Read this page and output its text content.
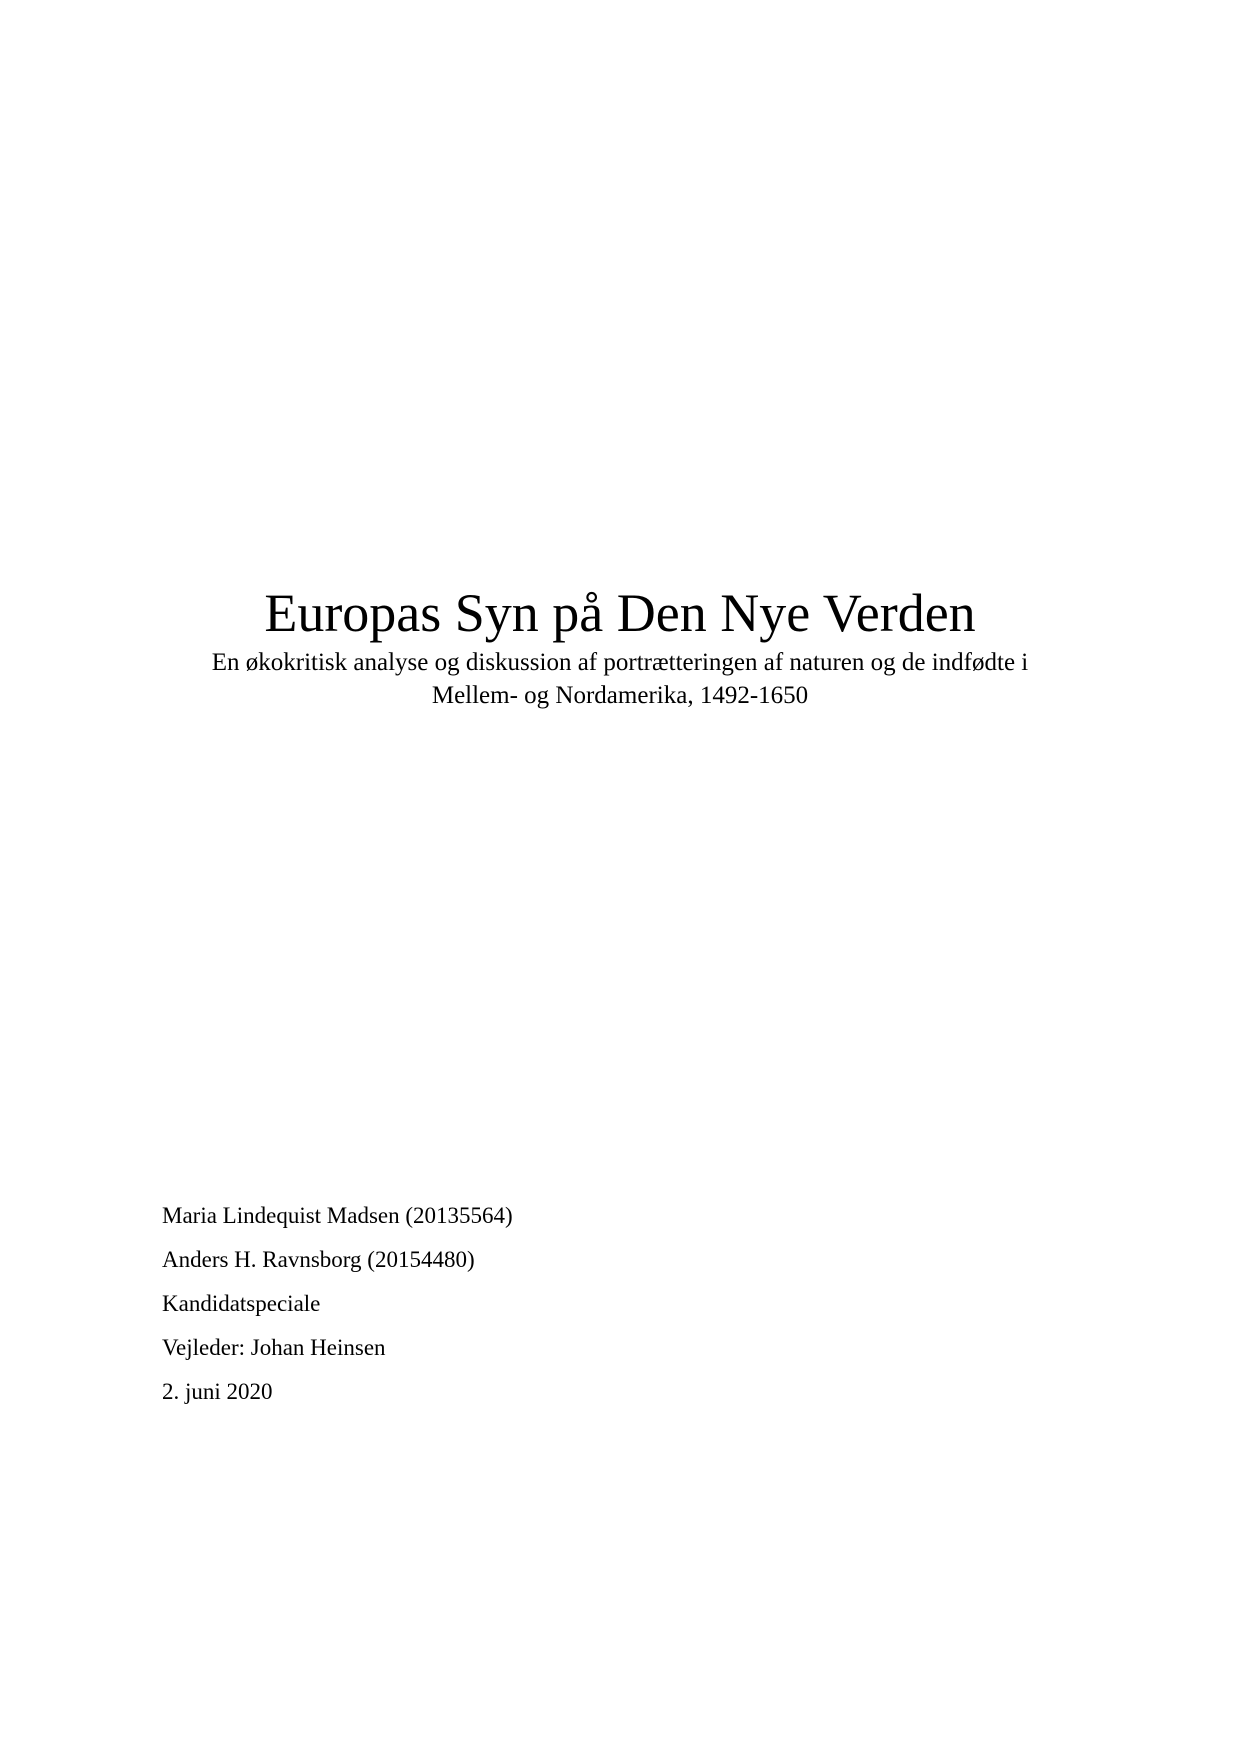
Europas Syn på Den Nye Verden

En økokritisk analyse og diskussion af portrætteringen af naturen og de indfødte i

Mellem- og Nordamerika, 1492-1650

Maria Lindequist Madsen (20135564)
Anders H. Ravnsborg (20154480)
Kandidatspeciale
Vejleder: Johan Heinsen
2. juni 2020
